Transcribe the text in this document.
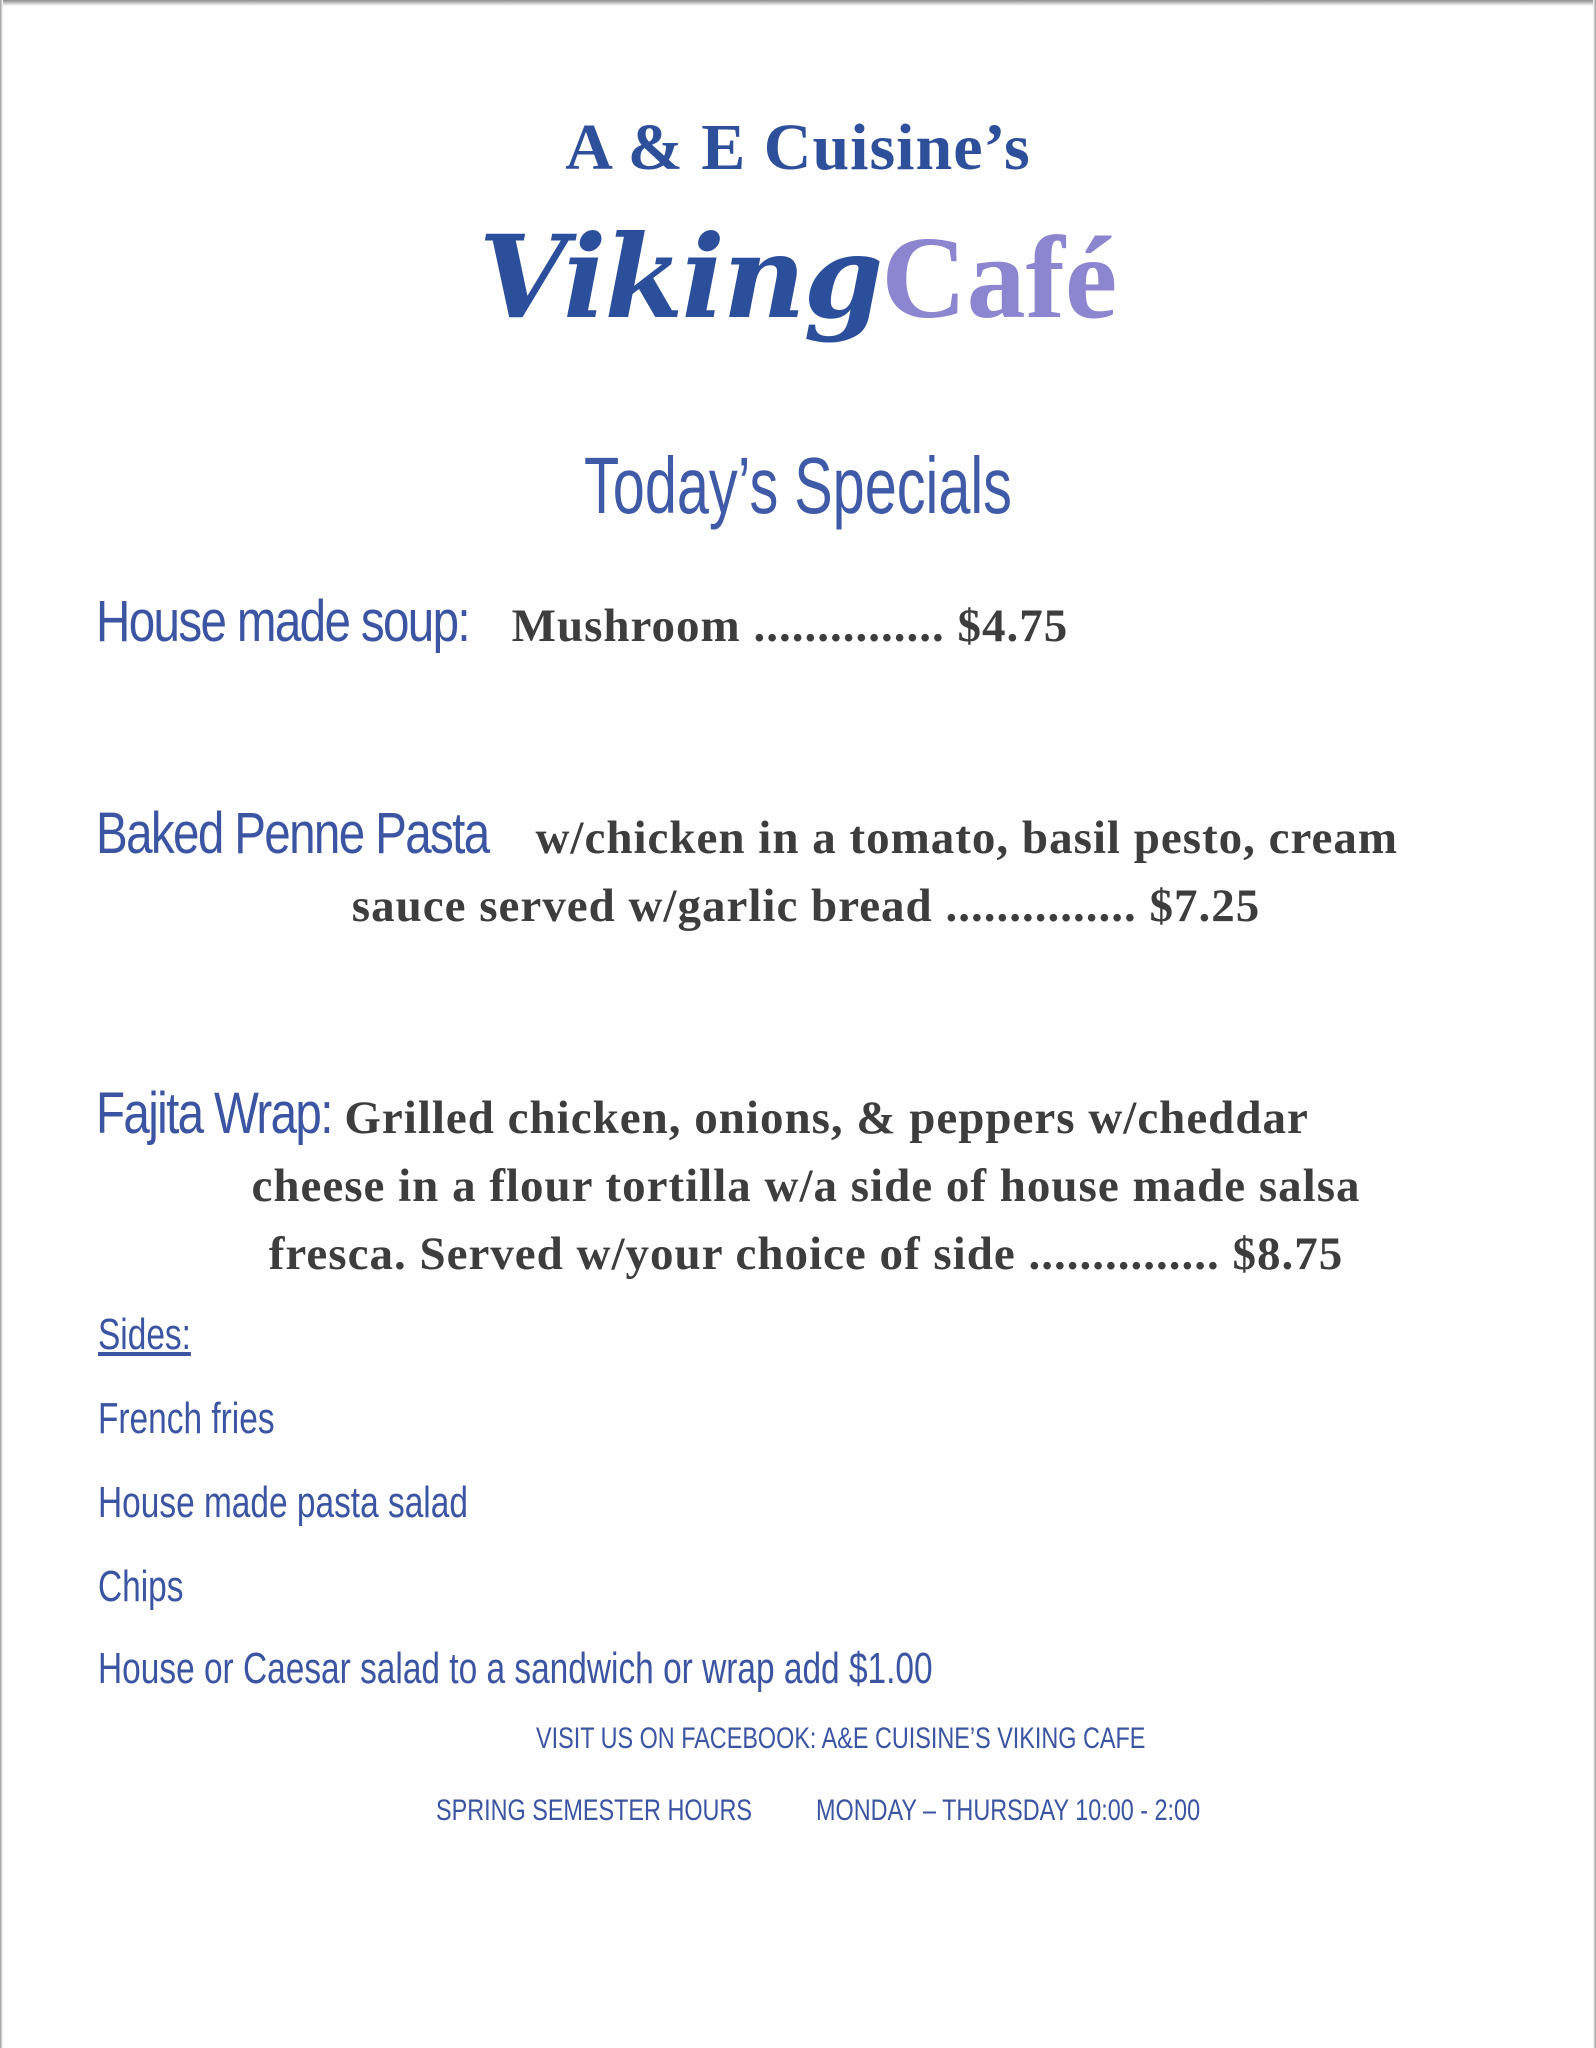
A & E Cuisine’s
VikingCafé
Today’s Specials
House made soup: Mushroom ............... $4.75
Baked Penne Pasta w/chicken in a tomato, basil pesto, cream
sauce served w/garlic bread ............... $7.25
Fajita Wrap: Grilled chicken, onions, & peppers w/cheddar
cheese in a flour tortilla w/a side of house made salsa
fresca. Served w/your choice of side ............... $8.75
Sides:
French fries
House made pasta salad
Chips
House or Caesar salad to a sandwich or wrap add $1.00
VISIT US ON FACEBOOK: A&E CUISINE’S VIKING CAFE
SPRING SEMESTER HOURS MONDAY – THURSDAY 10:00 - 2:00
